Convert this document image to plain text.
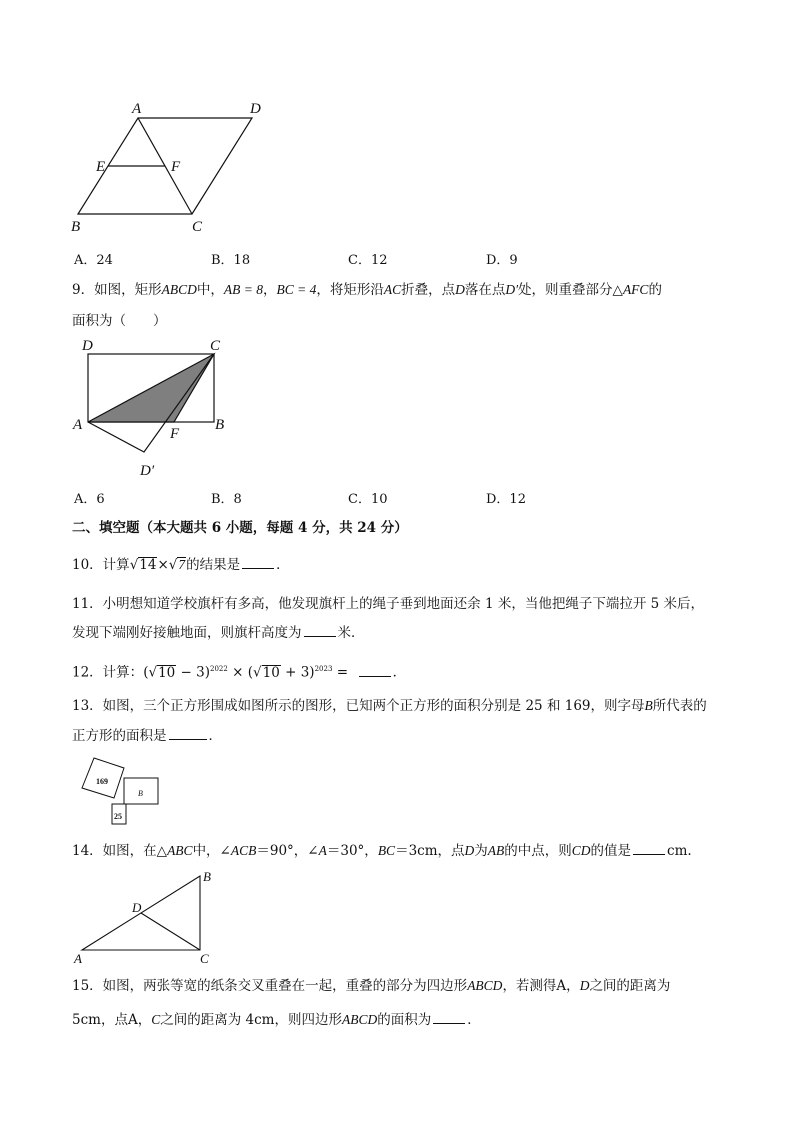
A	D
E	F
B	C
A．24	B．18	C．12	D．9
9．如图，矩形ABCD中，AB = 8，BC = 4，将矩形沿AC折叠，点D落在点D′处，则重叠部分△AFC的
面积为（　　）
D	C
A	B
F
D′
A．6	B．8	C．10	D．12
二、填空题（本大题共 6 小题，每题 4 分，共 24 分）
10．计算√14×√7的结果是	．
11．小明想知道学校旗杆有多高，他发现旗杆上的绳子垂到地面还余 1 米，当他把绳子下端拉开 5 米后，
发现下端刚好接触地面，则旗杆高度为	米．
12．计算：$(√10 - 3)^{2022} \times (√10 + 3)^{2023}$ =	．
13．如图，三个正方形围成如图所示的图形，已知两个正方形的面积分别是 25 和 169，则字母B所代表的
正方形的面积是	．
169
B
25
14．如图，在△ABC中，∠ACB＝90°，∠A＝30°，BC＝3cm，点D为AB的中点，则CD的值是	cm.
B
D
A	C
15．如图，两张等宽的纸条交叉重叠在一起，重叠的部分为四边形ABCD，若测得A，D之间的距离为
5cm，点A，C之间的距离为 4cm，则四边形ABCD的面积为	．
